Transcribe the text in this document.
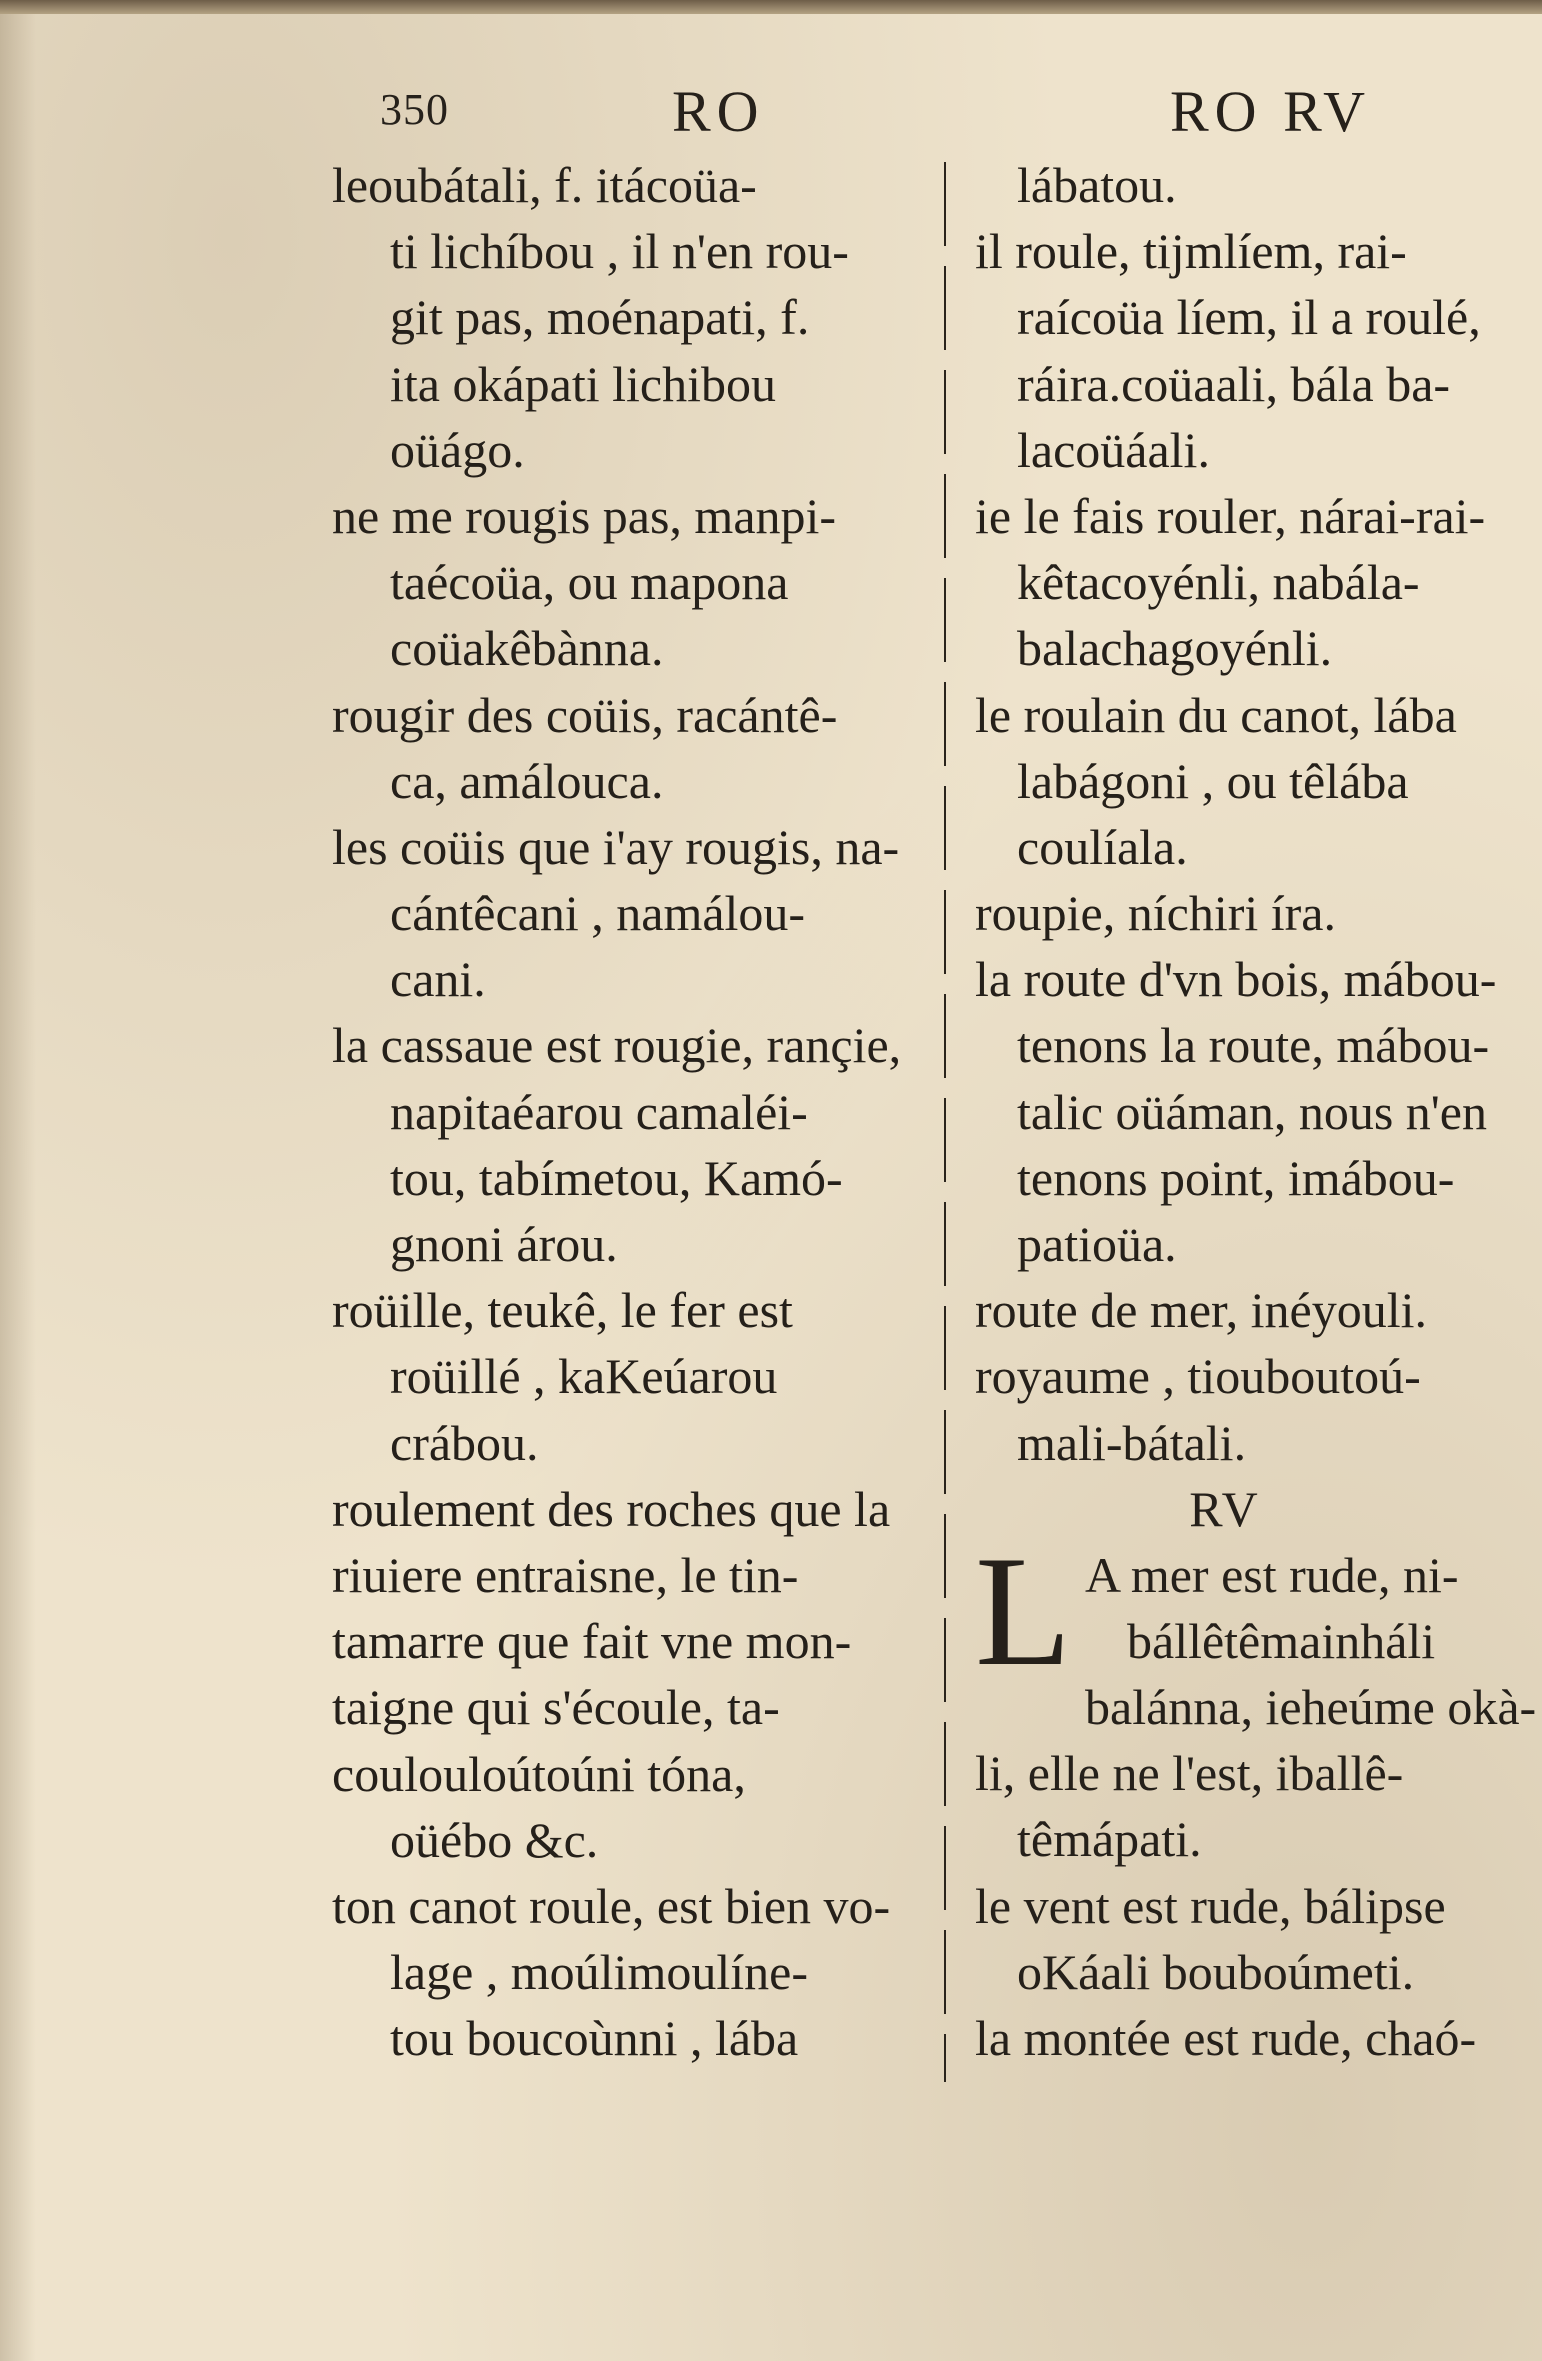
350	RO	RO RV
leoubátali, f. itácoüa-
ti lichíbou , il n'en rou-
git pas, moénapati, f.
ita okápati lichibou
oüágo.
ne me rougis pas, manpi-
taécoüa, ou mapona
coüakêbànna.
rougir des coüis, racántê-
ca, amálouca.
les coüis que i'ay rougis, na-
cántêcani , namálou-
cani.
la cassaue est rougie, rançie,
napitaéarou camaléi-
tou, tabímetou, Kamó-
gnoni árou.
roüille, teukê, le fer est
roüillé , kaKeúarou
crábou.
roulement des roches que la
riuiere entraisne, le tin-
tamarre que fait vne mon-
taigne qui s'écoule, ta-
coulouloútoúni tóna,
oüébo &c.
ton canot roule, est bien vo-
lage , moúlimoulíne-
tou boucoùnni , lába
lábatou.
il roule, tijmlíem, rai-
raícoüa líem, il a roulé,
ráira.coüaali, bála ba-
lacoüáali.
ie le fais rouler, nárai-rai-
kêtacoyénli, nabála-
balachagoyénli.
le roulain du canot, lába
labágoni , ou têlába
coulíala.
roupie, níchiri íra.
la route d'vn bois, mábou-
tenons la route, mábou-
talic oüáman, nous n'en
tenons point, imábou-
patioüa.
route de mer, inéyouli.
royaume , tiouboutoú-
mali-bátali.
RV
L A mer est rude, ni-
bállêtêmainháli
balánna, ieheúme okà-
li, elle ne l'est, iballê-
têmápati.
le vent est rude, bálipse
oKáali bouboúmeti.
la montée est rude, chaó-
